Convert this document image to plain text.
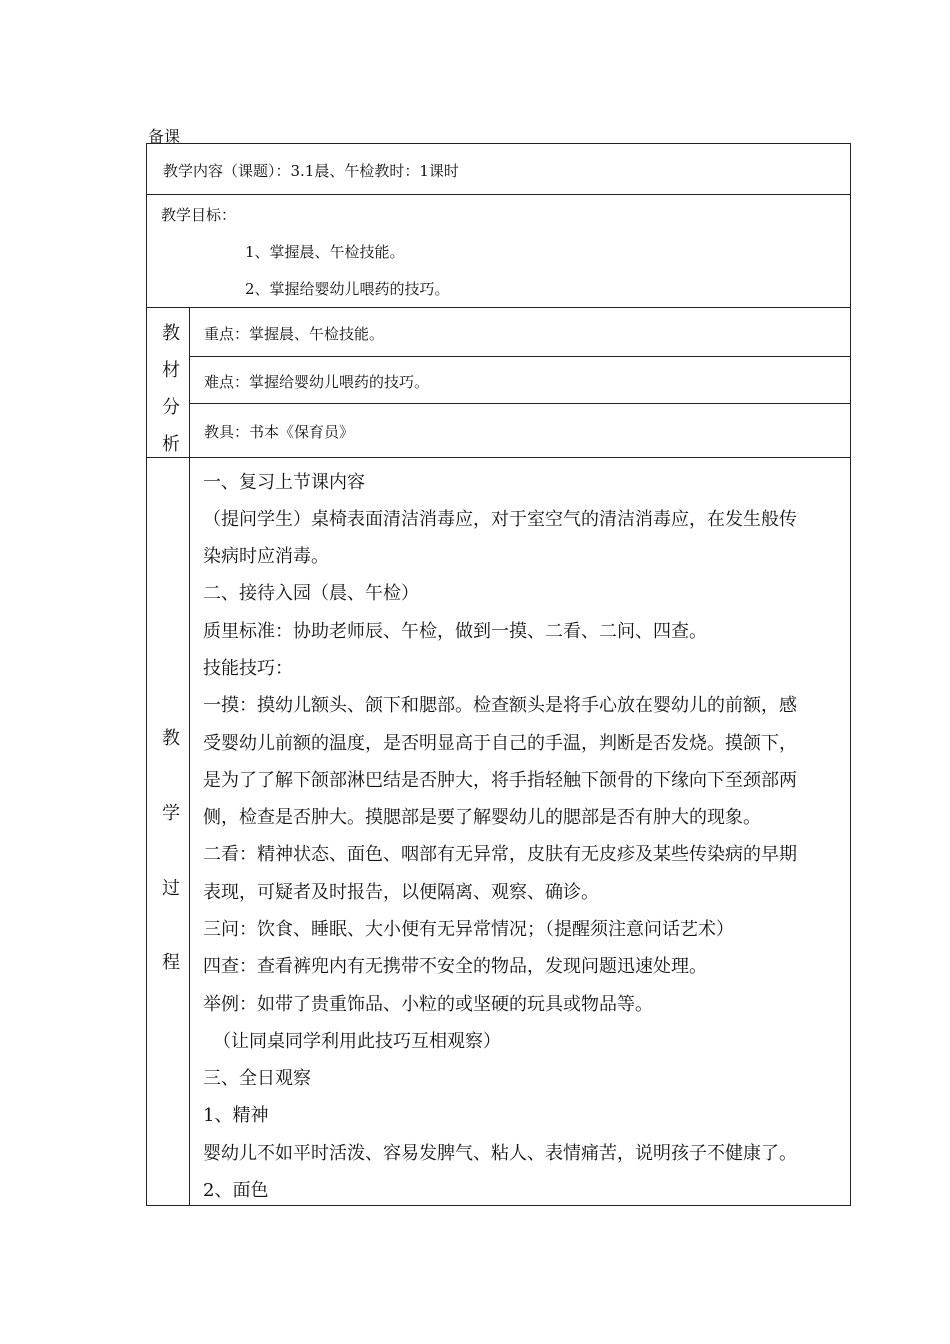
备课
教学内容（课题）：3.1晨、午检教时：1课时
教学目标：
1、掌握晨、午检技能。
2、掌握给婴幼儿喂药的技巧。
教
材
分
析
重点：掌握晨、午检技能。
难点：掌握给婴幼儿喂药的技巧。
教具：书本《保育员》
教
学
过
程
一、复习上节课内容
（提问学生）桌椅表面清洁消毒应，对于室空气的清洁消毒应，在发生般传
染病时应消毒。
二、接待入园（晨、午检）
质里标准：协助老师辰、午检，做到一摸、二看、二问、四查。
技能技巧：
一摸：摸幼儿额头、颌下和腮部。检查额头是将手心放在婴幼儿的前额，感
受婴幼儿前额的温度，是否明显高于自己的手温，判断是否发烧。摸颌下，
是为了了解下颌部淋巴结是否肿大，将手指轻触下颌骨的下缘向下至颈部两
侧，检查是否肿大。摸腮部是要了解婴幼儿的腮部是否有肿大的现象。
二看：精神状态、面色、咽部有无异常，皮肤有无皮疹及某些传染病的早期
表现，可疑者及时报告，以便隔离、观察、确诊。
三问：饮食、睡眠、大小便有无异常情况；（提醒须注意问话艺术）
四查：查看裤兜内有无携带不安全的物品，发现问题迅速处理。
举例：如带了贵重饰品、小粒的或坚硬的玩具或物品等。
（让同桌同学利用此技巧互相观察）
三、全日观察
1、精神
婴幼儿不如平时活泼、容易发脾气、粘人、表情痛苦，说明孩子不健康了。
2、面色
